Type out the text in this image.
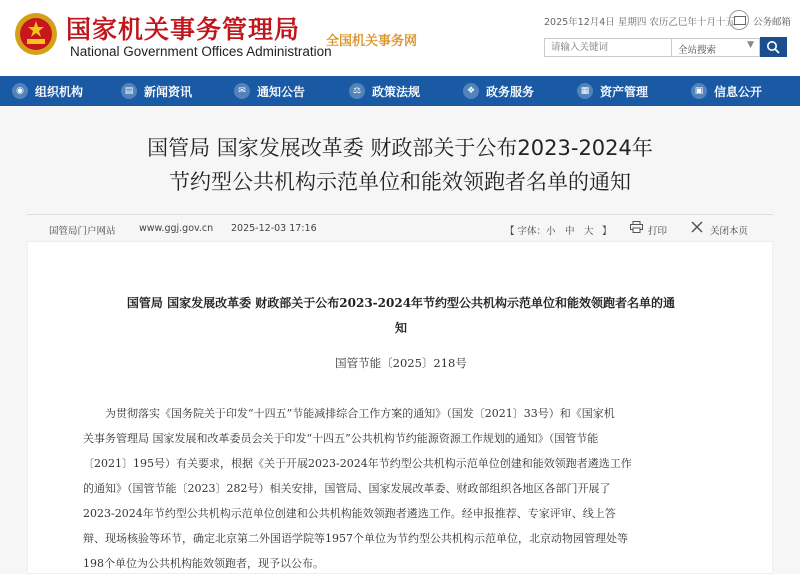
国家机关事务管理局
National Government Offices Administration
全国机关事务网
2025年12月4日 星期四 农历乙巳年十月十五 公务邮箱
请输入关键词
全站搜索	▼
◉ 组织机构	▤ 新闻资讯	✉ 通知公告	⚖ 政策法规	❖ 政务服务	▦ 资产管理	▣ 信息公开
国管局 国家发展改革委 财政部关于公布2023-2024年
节约型公共机构示范单位和能效领跑者名单的通知
国管局门户网站 www.ggj.gov.cn 2025-12-03 17:16	【 字体： 小 中 大 】	打印	关闭本页
国管局 国家发展改革委 财政部关于公布2023-2024年节约型公共机构示范单位和能效领跑者名单的通
知
国管节能〔2025〕218号
　　为贯彻落实《国务院关于印发“十四五”节能减排综合工作方案的通知》（国发〔2021〕33号）和《国家机
关事务管理局 国家发展和改革委员会关于印发“十四五”公共机构节约能源资源工作规划的通知》（国管节能
〔2021〕195号）有关要求，根据《关于开展2023-2024年节约型公共机构示范单位创建和能效领跑者遴选工作
的通知》（国管节能〔2023〕282号）相关安排，国管局、国家发展改革委、财政部组织各地区各部门开展了
2023-2024年节约型公共机构示范单位创建和公共机构能效领跑者遴选工作。经申报推荐、专家评审、线上答
辩、现场核验等环节，确定北京第二外国语学院等1957个单位为节约型公共机构示范单位，北京动物园管理处等
198个单位为公共机构能效领跑者，现予以公布。
